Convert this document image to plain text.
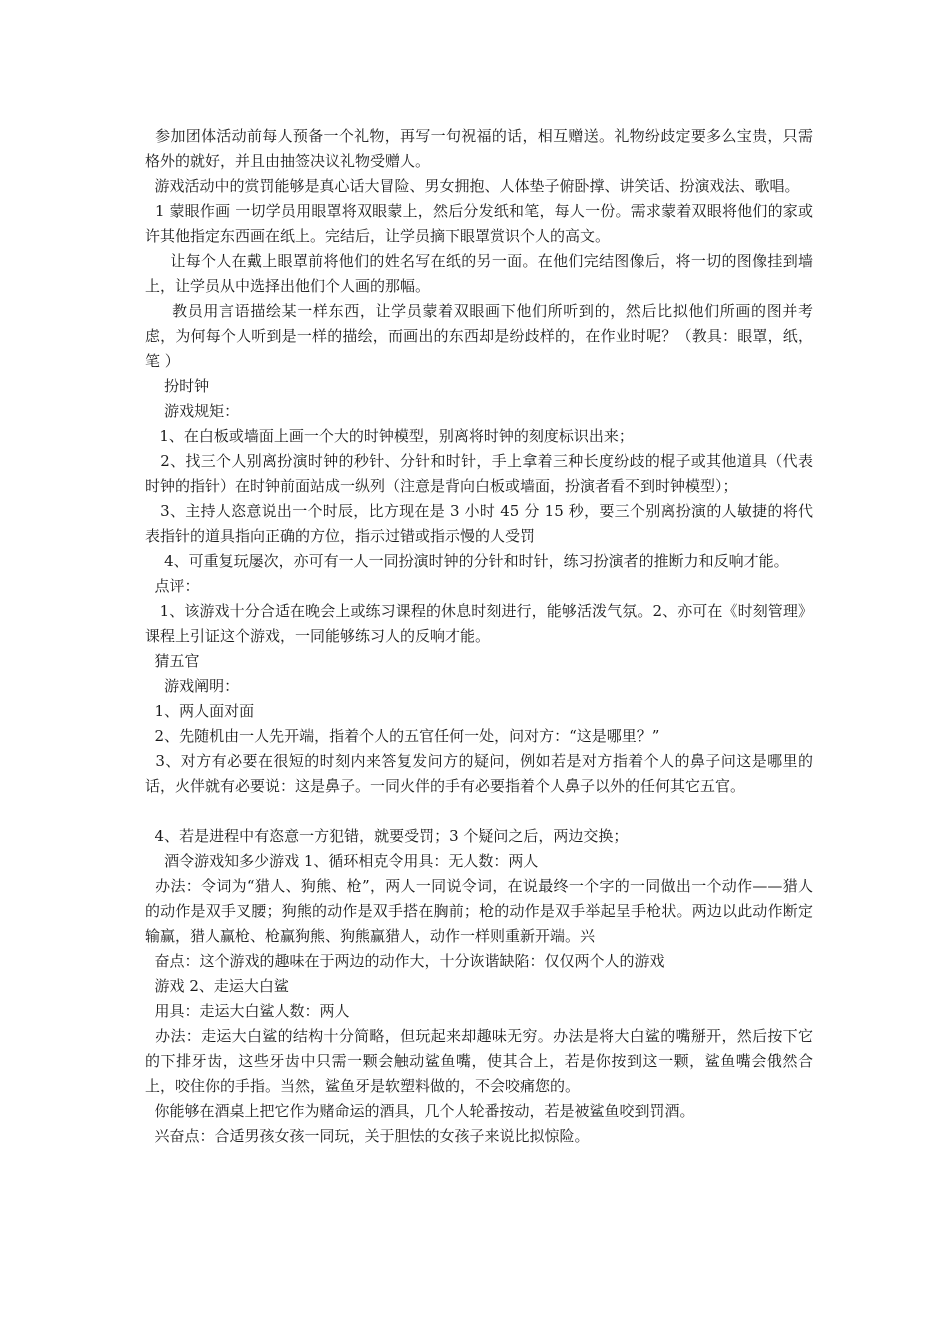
参加团体活动前每人预备一个礼物，再写一句祝福的话，相互赠送。礼物纷歧定要多么宝贵，只需格外的就好，并且由抽签决议礼物受赠人。

游戏活动中的赏罚能够是真心话大冒险、男女拥抱、人体垫子俯卧撑、讲笑话、扮演戏法、歌唱。

1 蒙眼作画 一切学员用眼罩将双眼蒙上，然后分发纸和笔，每人一份。需求蒙着双眼将他们的家或许其他指定东西画在纸上。完结后，让学员摘下眼罩赏识个人的高文。

让每个人在戴上眼罩前将他们的姓名写在纸的另一面。在他们完结图像后，将一切的图像挂到墙上，让学员从中选择出他们个人画的那幅。

教员用言语描绘某一样东西，让学员蒙着双眼画下他们所听到的，然后比拟他们所画的图并考虑，为何每个人听到是一样的描绘，而画出的东西却是纷歧样的，在作业时呢？（教具：眼罩，纸，笔 ）

扮时钟

游戏规矩：

1、在白板或墙面上画一个大的时钟模型，别离将时钟的刻度标识出来；

2、找三个人别离扮演时钟的秒针、分针和时针，手上拿着三种长度纷歧的棍子或其他道具（代表时钟的指针）在时钟前面站成一纵列（注意是背向白板或墙面，扮演者看不到时钟模型）；

3、主持人恣意说出一个时辰，比方现在是 3 小时 45 分 15 秒，要三个别离扮演的人敏捷的将代表指针的道具指向正确的方位，指示过错或指示慢的人受罚

4、可重复玩屡次，亦可有一人一同扮演时钟的分针和时针，练习扮演者的推断力和反响才能。

点评：

1、该游戏十分合适在晚会上或练习课程的休息时刻进行，能够活泼气氛。2、亦可在《时刻管理》课程上引证这个游戏，一同能够练习人的反响才能。

猜五官

游戏阐明：

1、两人面对面

2、先随机由一人先开端，指着个人的五官任何一处，问对方：“这是哪里？”

3、对方有必要在很短的时刻内来答复发问方的疑问，例如若是对方指着个人的鼻子问这是哪里的话，火伴就有必要说：这是鼻子。一同火伴的手有必要指着个人鼻子以外的任何其它五官。

4、若是进程中有恣意一方犯错，就要受罚；3 个疑问之后，两边交换；

酒令游戏知多少游戏 1、循环相克令用具：无人数：两人

办法：令词为“猎人、狗熊、枪”，两人一同说令词，在说最终一个字的一同做出一个动作——猎人的动作是双手叉腰；狗熊的动作是双手搭在胸前；枪的动作是双手举起呈手枪状。两边以此动作断定输赢，猎人赢枪、枪赢狗熊、狗熊赢猎人，动作一样则重新开端。兴

奋点：这个游戏的趣味在于两边的动作大，十分诙谐缺陷：仅仅两个人的游戏

游戏 2、走运大白鲨

用具：走运大白鲨人数：两人

办法：走运大白鲨的结构十分简略，但玩起来却趣味无穷。办法是将大白鲨的嘴掰开，然后按下它的下排牙齿，这些牙齿中只需一颗会触动鲨鱼嘴，使其合上，若是你按到这一颗，鲨鱼嘴会俄然合上，咬住你的手指。当然，鲨鱼牙是软塑料做的，不会咬痛您的。

你能够在酒桌上把它作为赌命运的酒具，几个人轮番按动，若是被鲨鱼咬到罚酒。

兴奋点：合适男孩女孩一同玩，关于胆怯的女孩子来说比拟惊险。
